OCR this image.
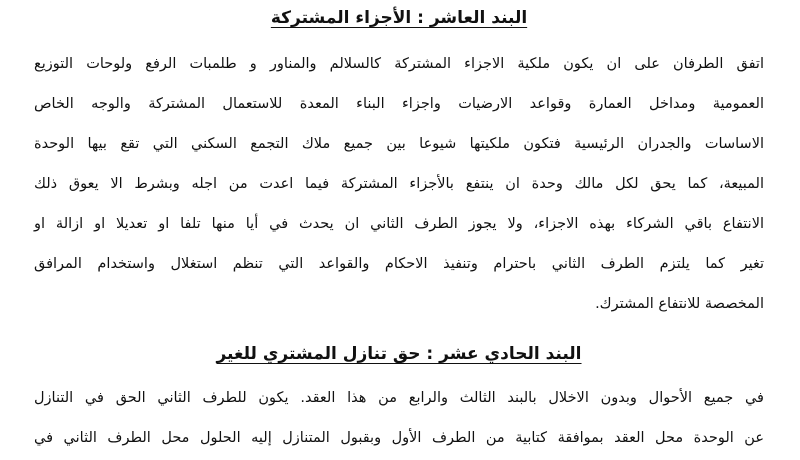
البند العاشر : الأجزاء المشتركة
اتفق الطرفان على ان يكون ملكية الاجزاء المشتركة كالسلالم والمناور و طلمبات الرفع ولوحات التوزيع
العمومية ومداخل العمارة وقواعد الارضيات واجزاء البناء المعدة للاستعمال المشتركة والوجه الخاص
الاساسات والجدران الرئيسية فتكون ملكيتها شيوعا بين جميع ملاك التجمع السكني التي تقع بيها الوحدة
المبيعة، كما يحق لكل مالك وحدة ان ينتفع بالأجزاء المشتركة فيما اعدت من اجله وبشرط الا يعوق ذلك
الانتفاع باقي الشركاء بهذه الاجزاء، ولا يجوز الطرف الثاني ان يحدث في أيا منها تلفا او تعديلا او ازالة او
تغير كما يلتزم الطرف الثاني باحترام وتنفيذ الاحكام والقواعد التي تنظم استغلال واستخدام المرافق
المخصصة للانتفاع المشترك.
البند الحادي عشر : حق تنازل المشتري للغير
في جميع الأحوال وبدون الاخلال بالبند الثالث والرابع من هذا العقد. يكون للطرف الثاني الحق في التنازل
عن الوحدة محل العقد بموافقة كتابية من الطرف الأول وبقبول المتنازل إليه الحلول محل الطرف الثاني في
